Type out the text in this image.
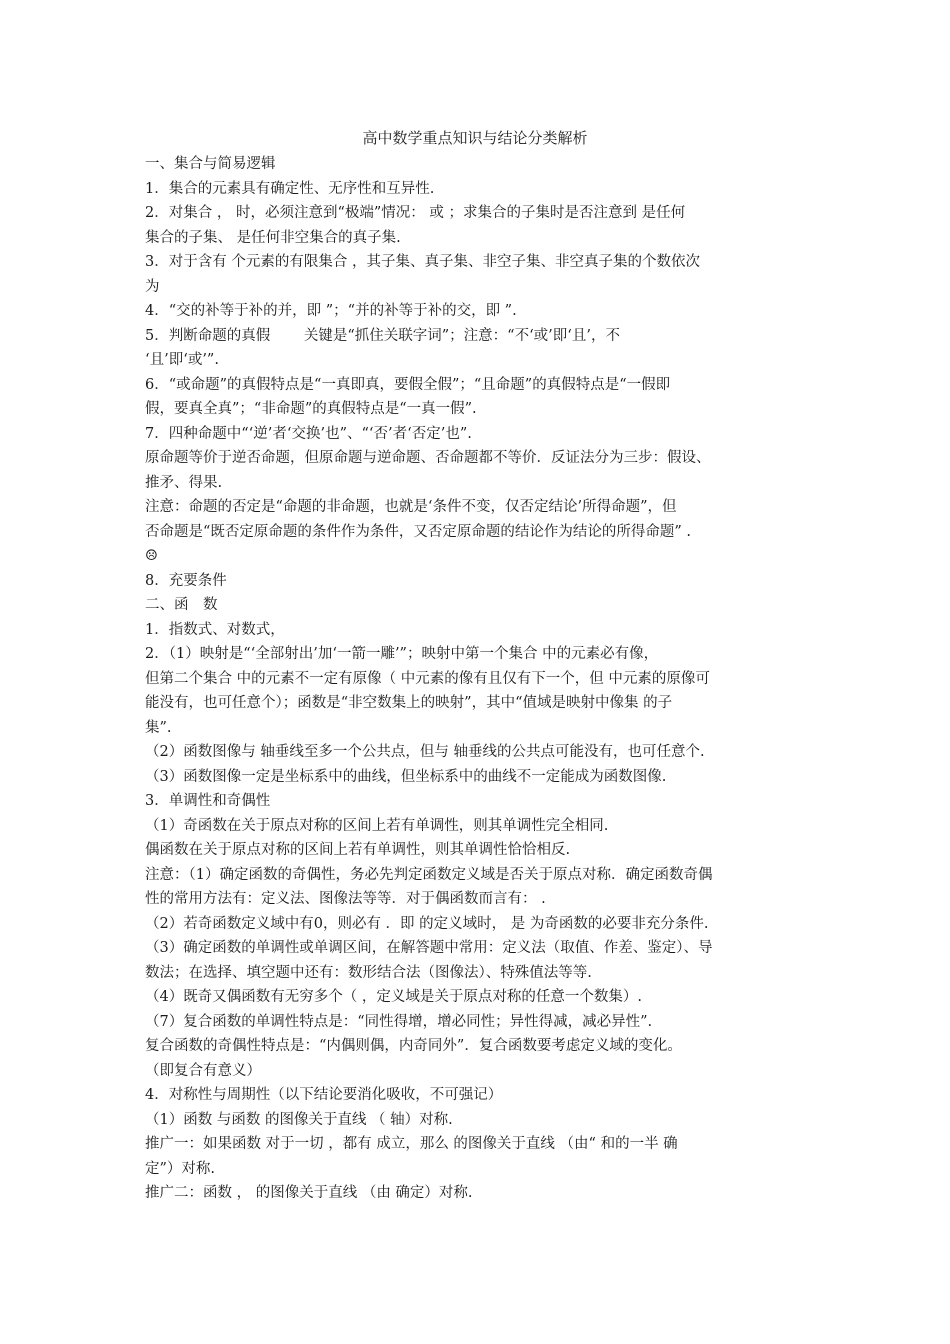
高中数学重点知识与结论分类解析
一、集合与简易逻辑
1．集合的元素具有确定性、无序性和互异性.
2．对集合 ， 时，必须注意到“极端”情况： 或 ；求集合的子集时是否注意到 是任何
集合的子集、 是任何非空集合的真子集.
3．对于含有 个元素的有限集合 ，其子集、真子集、非空子集、非空真子集的个数依次
为
4．“交的补等于补的并，即 ”；“并的补等于补的交，即 ”.
5．判断命题的真假　　 关键是“抓住关联字词”；注意：“不‘或’即‘且’，不
‘且’即‘或’”.
6．“或命题”的真假特点是“一真即真，要假全假”；“且命题”的真假特点是“一假即
假，要真全真”；“非命题”的真假特点是“一真一假”.
7．四种命题中“‘逆’者‘交换’也”、“‘否’者‘否定’也”.
原命题等价于逆否命题，但原命题与逆命题、否命题都不等价．反证法分为三步：假设、
推矛、得果.
注意：命题的否定是“命题的非命题，也就是‘条件不变，仅否定结论’所得命题”，但
否命题是“既否定原命题的条件作为条件，又否定原命题的结论作为结论的所得命题” .
☹
8．充要条件
二、函　数
1．指数式、对数式，
2．（1）映射是“‘全部射出’加‘一箭一雕’”；映射中第一个集合 中的元素必有像，
但第二个集合 中的元素不一定有原像（ 中元素的像有且仅有下一个，但 中元素的原像可
能没有，也可任意个）；函数是“非空数集上的映射”，其中“值域是映射中像集 的子
集”.
（2）函数图像与 轴垂线至多一个公共点，但与 轴垂线的公共点可能没有，也可任意个.
（3）函数图像一定是坐标系中的曲线，但坐标系中的曲线不一定能成为函数图像.
3．单调性和奇偶性
（1）奇函数在关于原点对称的区间上若有单调性，则其单调性完全相同.
偶函数在关于原点对称的区间上若有单调性，则其单调性恰恰相反.
注意：（1）确定函数的奇偶性，务必先判定函数定义域是否关于原点对称．确定函数奇偶
性的常用方法有：定义法、图像法等等．对于偶函数而言有： .
（2）若奇函数定义域中有0，则必有 ．即 的定义域时， 是 为奇函数的必要非充分条件.
（3）确定函数的单调性或单调区间，在解答题中常用：定义法（取值、作差、鉴定）、导
数法；在选择、填空题中还有：数形结合法（图像法）、特殊值法等等.
（4）既奇又偶函数有无穷多个（ ，定义域是关于原点对称的任意一个数集）.
（7）复合函数的单调性特点是：“同性得增，增必同性；异性得减，减必异性”.
复合函数的奇偶性特点是：“内偶则偶，内奇同外”．复合函数要考虑定义域的变化。
（即复合有意义）
4．对称性与周期性（以下结论要消化吸收，不可强记）
（1）函数 与函数 的图像关于直线 （ 轴）对称.
推广一：如果函数 对于一切 ，都有 成立，那么 的图像关于直线 （由“ 和的一半 确
定”）对称.
推广二：函数 ， 的图像关于直线 （由 确定）对称.
